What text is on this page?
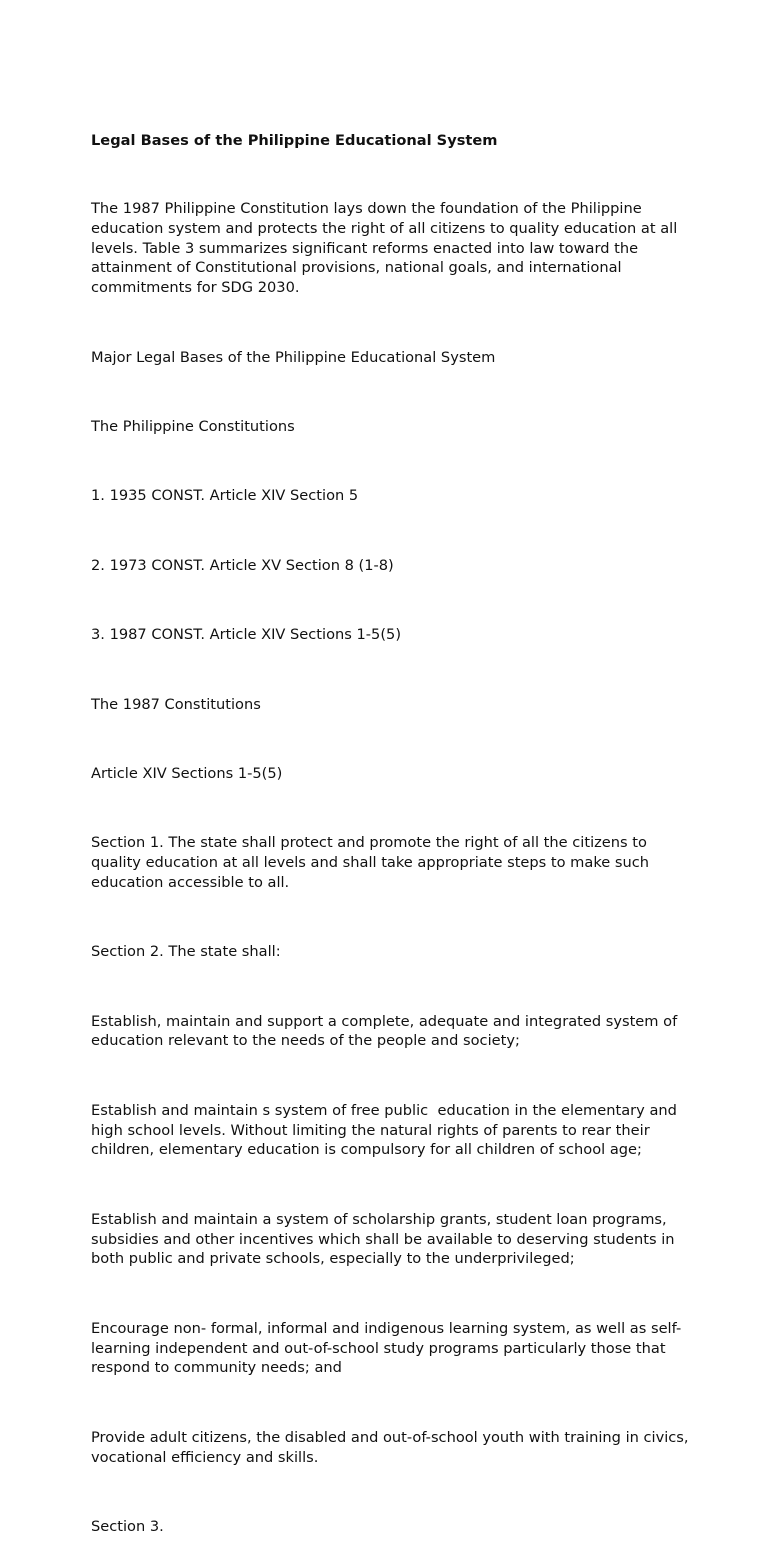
Legal Bases of the Philippine Educational System

The 1987 Philippine Constitution lays down the foundation of the Philippine education system and protects the right of all citizens to quality education at all levels. Table 3 summarizes significant reforms enacted into law toward the attainment of Constitutional provisions, national goals, and international commitments for SDG 2030.

Major Legal Bases of the Philippine Educational System

The Philippine Constitutions

1. 1935 CONST. Article XIV Section 5

2. 1973 CONST. Article XV Section 8 (1-8)

3. 1987 CONST. Article XIV Sections 1-5(5)

The 1987 Constitutions

Article XIV Sections 1-5(5)

Section 1. The state shall protect and promote the right of all the citizens to quality education at all levels and shall take appropriate steps to make such education accessible to all.

Section 2. The state shall:

Establish, maintain and support a complete, adequate and integrated system of  education relevant to the needs of the people and society;

Establish and maintain s system of free public  education in the elementary and high school levels. Without limiting the natural rights of parents to rear their children, elementary education is compulsory for all children of school age;

Establish and maintain a system of scholarship grants, student loan programs, subsidies and other incentives which shall be available to deserving students in both public and private schools, especially to the underprivileged;

Encourage non- formal, informal and indigenous learning system, as well as self- learning independent and out-of-school study programs particularly those that respond to community needs; and

Provide adult citizens, the disabled and out-of-school youth with training in civics, vocational efficiency and skills.

Section 3.
